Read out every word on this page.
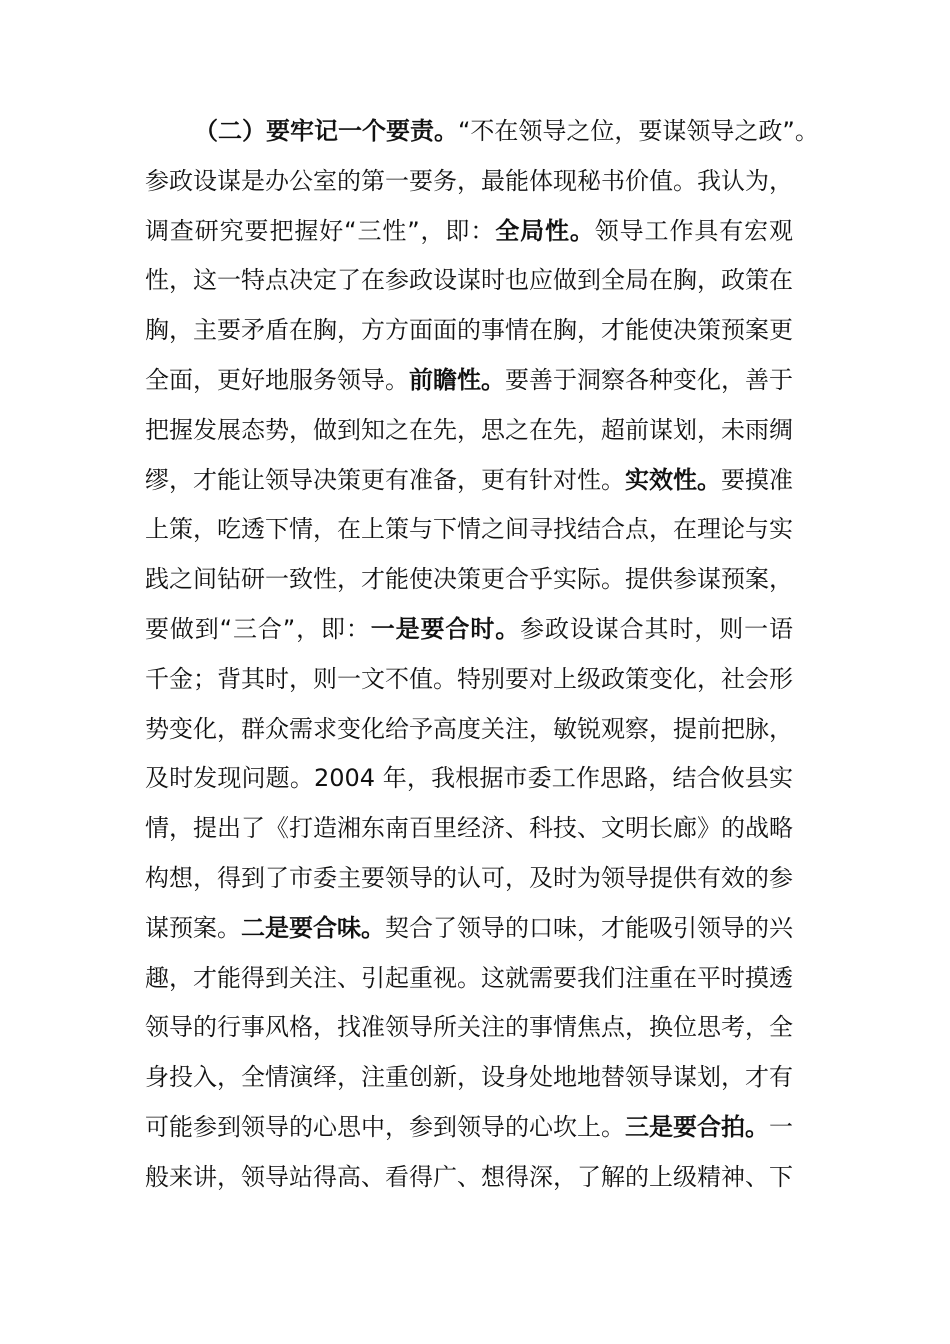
（二）要牢记一个要责。“不在领导之位，要谋领导之政”。
参政设谋是办公室的第一要务，最能体现秘书价值。我认为，
调查研究要把握好“三性”，即：全局性。领导工作具有宏观
性，这一特点决定了在参政设谋时也应做到全局在胸，政策在
胸，主要矛盾在胸，方方面面的事情在胸，才能使决策预案更
全面，更好地服务领导。前瞻性。要善于洞察各种变化，善于
把握发展态势，做到知之在先，思之在先，超前谋划，未雨绸
缪，才能让领导决策更有准备，更有针对性。实效性。要摸准
上策，吃透下情，在上策与下情之间寻找结合点，在理论与实
践之间钻研一致性，才能使决策更合乎实际。提供参谋预案，
要做到“三合”，即：一是要合时。参政设谋合其时，则一语
千金；背其时，则一文不值。特别要对上级政策变化，社会形
势变化，群众需求变化给予高度关注，敏锐观察，提前把脉，
及时发现问题。2004 年，我根据市委工作思路，结合攸县实
情，提出了《打造湘东南百里经济、科技、文明长廊》的战略
构想，得到了市委主要领导的认可，及时为领导提供有效的参
谋预案。二是要合味。契合了领导的口味，才能吸引领导的兴
趣，才能得到关注、引起重视。这就需要我们注重在平时摸透
领导的行事风格，找准领导所关注的事情焦点，换位思考，全
身投入，全情演绎，注重创新，设身处地地替领导谋划，才有
可能参到领导的心思中，参到领导的心坎上。三是要合拍。一
般来讲，领导站得高、看得广、想得深，了解的上级精神、下
